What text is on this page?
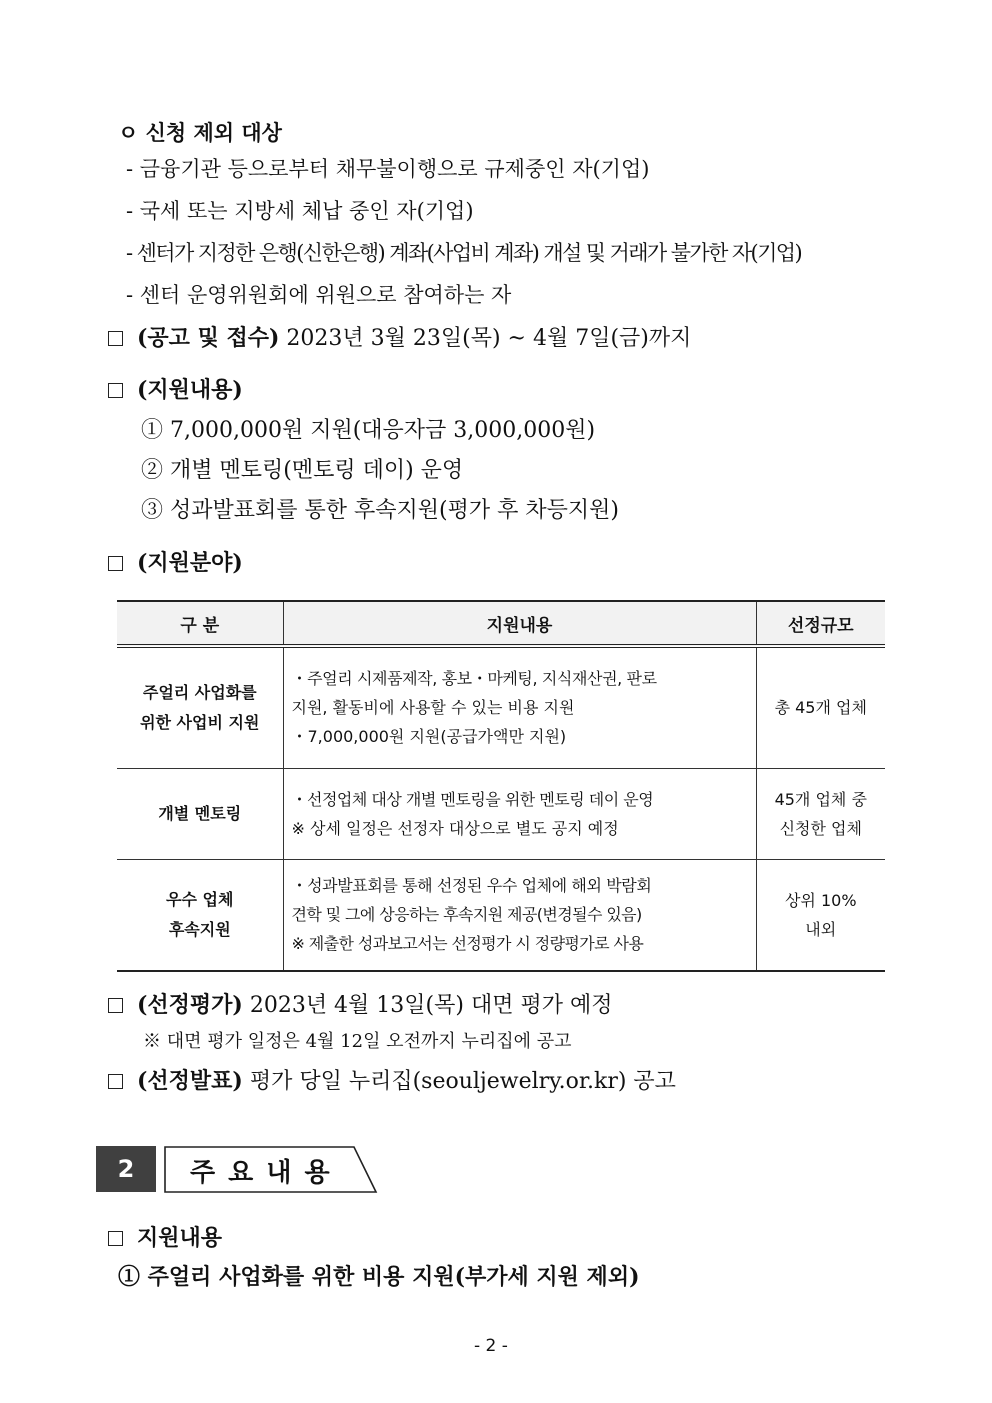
ㅇ 신청 제외 대상
- 금융기관 등으로부터 채무불이행으로 규제중인 자(기업)
- 국세 또는 지방세 체납 중인 자(기업)
- 센터가 지정한 은행(신한은행) 계좌(사업비 계좌) 개설 및 거래가 불가한 자(기업)
- 센터 운영위원회에 위원으로 참여하는 자
(공고 및 접수) 2023년 3월 23일(목) ~ 4월 7일(금)까지
(지원내용)
① 7,000,000원 지원(대응자금 3,000,000원)
② 개별 멘토링(멘토링 데이) 운영
③ 성과발표회를 통한 후속지원(평가 후 차등지원)
(지원분야)
구 분	지원내용	선정규모

주얼리 사업화를
위한 사업비 지원	・주얼리 시제품제작, 홍보・마케팅, 지식재산권, 판로
지원, 활동비에 사용할 수 있는 비용 지원
・7,000,000원 지원(공급가액만 지원)	총 45개 업체

개별 멘토링	・선정업체 대상 개별 멘토링을 위한 멘토링 데이 운영
※ 상세 일정은 선정자 대상으로 별도 공지 예정	45개 업체 중
신청한 업체

우수 업체
후속지원	・성과발표회를 통해 선정된 우수 업체에 해외 박람회
견학 및 그에 상응하는 후속지원 제공(변경될수 있음)
※ 제출한 성과보고서는 선정평가 시 정량평가로 사용	상위 10%
내외
(선정평가) 2023년 4월 13일(목) 대면 평가 예정
※ 대면 평가 일정은 4월 12일 오전까지 누리집에 공고
(선정발표) 평가 당일 누리집(seouljewelry.or.kr) 공고
2	주 요 내 용
지원내용
① 주얼리 사업화를 위한 비용 지원(부가세 지원 제외)
- 2 -
